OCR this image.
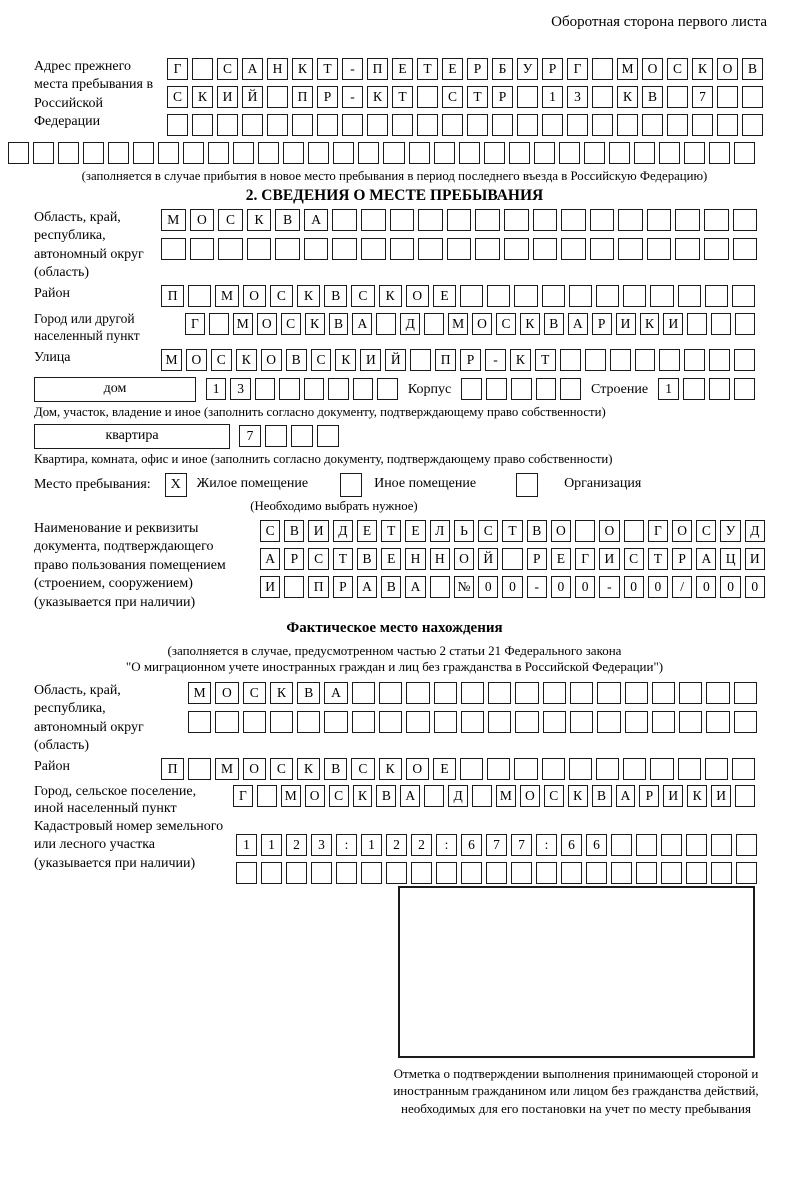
Оборотная сторона первого листа
Адрес прежнего места пребывания в Российской Федерации
Г	С	А	Н	К	Т	-	П	Е	Т	Е	Р	Б	У	Р	Г	М	О	С	К	О	В
С	К	И	Й	П	Р	-	К	Т	С	Т	Р	1	3	К	В	7
(заполняется в случае прибытия в новое место пребывания в период последнего въезда в Российскую Федерацию)
2. СВЕДЕНИЯ О МЕСТЕ ПРЕБЫВАНИЯ
Область, край, республика, автономный округ (область)
М	О	С	К	В	А
Район	П	М	О	С	К	В	С	К	О	Е
Город или другой населенный пункт
Г	М О	С	К	В	А	Д	М О	С	К	В	А	Р	И	К	И
Улица	М	О	С	К	О	В	С	К	И	Й	П	Р	-	К	Т
дом	1	3	Корпус	Строение	1
Дом, участок, владение и иное (заполнить согласно документу, подтверждающему право собственности)
квартира	7
Квартира, комната, офис и иное (заполнить согласно документу, подтверждающему право собственности)
Место пребывания:	X	Жилое помещение	Иное помещение	Организация
(Необходимо выбрать нужное)
Наименование и реквизиты документа, подтверждающего право пользования помещением (строением, сооружением) (указывается при наличии)
С	В	И	Д	Е	Т	Е	Л	Ь	С	Т	В	О	О	Г	О	С	У	Д
А	Р	С	Т	В	Е	Н	Н	О	Й	Р	Е	Г	И	С	Т	Р	А	Ц	И
И	П	Р	А	В	А	№	0	0	-	0	0	-	0	0	/	0	0	0
Фактическое место нахождения
(заполняется в случае, предусмотренном частью 2 статьи 21 Федерального закона
"О миграционном учете иностранных граждан и лиц без гражданства в Российской Федерации")
Область, край, республика, автономный округ (область)
М	О	С	К	В	А
Район	П	М	О	С	К	В	С	К	О	Е
Город, сельское поселение, иной населенный пункт
Г	М О	С	К	В	А	Д	М О	С	К	В	А	Р	И	К	И
Кадастровый номер земельного или лесного участка (указывается при наличии)
1	1	2	3	:	1	2	2	:	6	7	7	:	6	6
Отметка о подтверждении выполнения принимающей стороной и иностранным гражданином или лицом без гражданства действий, необходимых для его постановки на учет по месту пребывания
